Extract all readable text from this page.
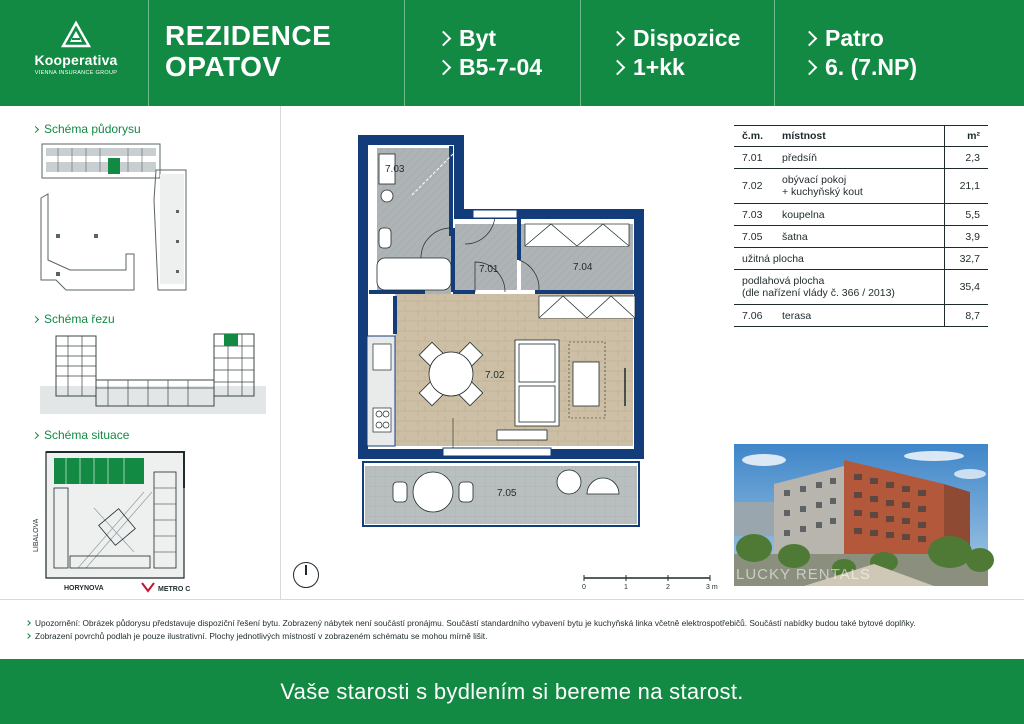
Kooperativa
VIENNA INSURANCE GROUP
REZIDENCE
OPATOV
Byt
B5-7-04
Dispozice
1+kk
Patro
6. (7.NP)
Schéma půdorysu
Schéma řezu
Schéma situace
LIBALOVA
HORYNOVA	METRO C
7.03
7.01	7.04
7.02
7.05
č.m.	místnost	m²
7.01	předsíň	2,3
7.02	obývací pokoj
+ kuchyňský kout	21,1
7.03	koupelna	5,5
7.05	šatna	3,9
užitná plocha		32,7

podlahová plocha
(dle nařízení vlády č. 366 / 2013)		35,4
7.06	terasa	8,7
LUCKY RENTALS
0	1	2	3 m
Upozornění: Obrázek půdorysu představuje dispoziční řešení bytu. Zobrazený nábytek není součástí pronájmu. Součástí standardního vybavení bytu je kuchyňská linka včetně elektrospotřebičů. Součástí nabídky budou také bytové doplňky.
Zobrazení povrchů podlah je pouze ilustrativní. Plochy jednotlivých místností v zobrazeném schématu se mohou mírně lišit.
Vaše starosti s bydlením si bereme na starost.
